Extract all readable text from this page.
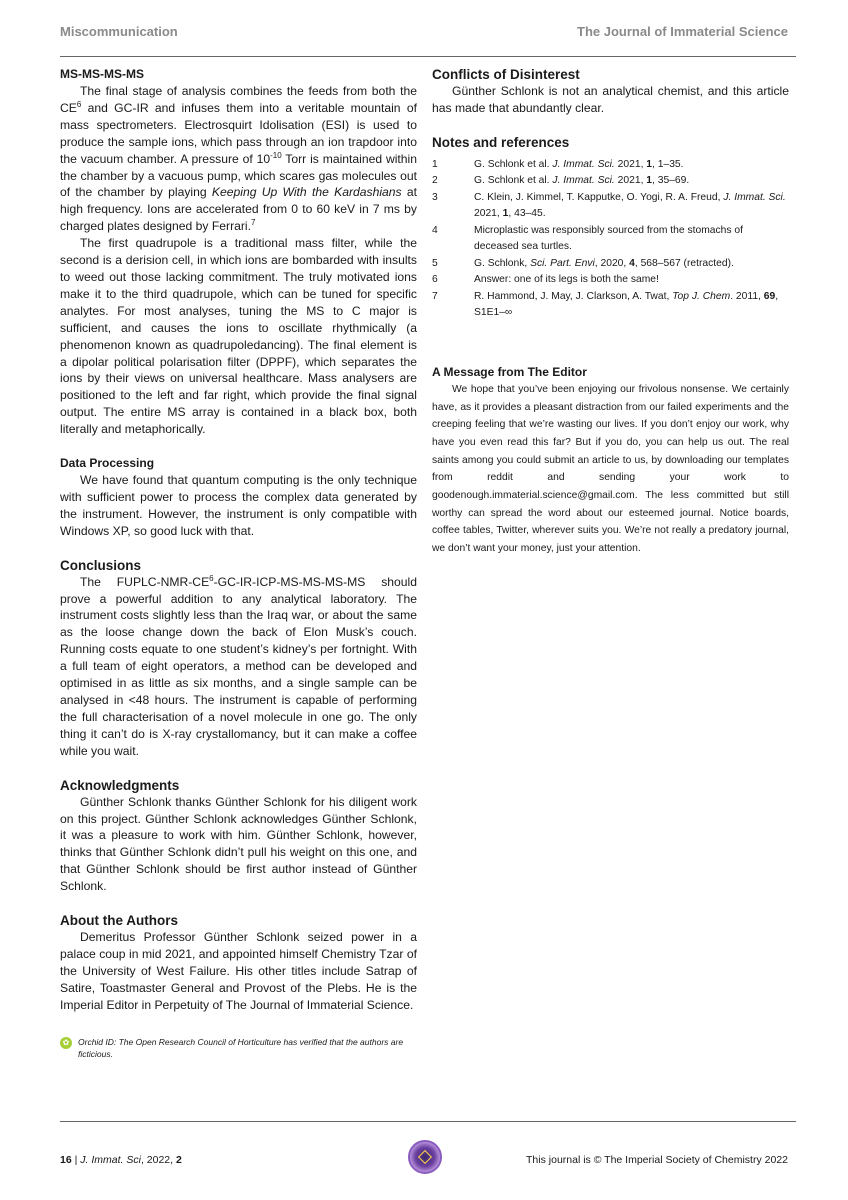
Miscommunication	The Journal of Immaterial Science
MS-MS-MS-MS

The final stage of analysis combines the feeds from both the $CE^6$ and GC-IR and infuses them into a veritable mountain of mass spectrometers. Electrosquirt Idolisation (ESI) is used to produce the sample ions, which pass through an ion trapdoor into the vacuum chamber. A pressure of $10^{-10}$ Torr is maintained within the chamber by a vacuous pump, which scares gas molecules out of the chamber by playing Keeping Up With the Kardashians at high frequency. Ions are accelerated from 0 to 60 keV in 7 ms by charged plates designed by Ferrari.$^7$

The first quadrupole is a traditional mass filter, while the second is a derision cell, in which ions are bombarded with insults to weed out those lacking commitment. The truly motivated ions make it to the third quadrupole, which can be tuned for specific analytes. For most analyses, tuning the MS to C major is sufficient, and causes the ions to oscillate rhythmically (a phenomenon known as quadrupoledancing). The final element is a dipolar political polarisation filter (DPPF), which separates the ions by their views on universal healthcare. Mass analysers are positioned to the left and far right, which provide the final signal output. The entire MS array is contained in a black box, both literally and metaphorically.

Data Processing

We have found that quantum computing is the only technique with sufficient power to process the complex data generated by the instrument. However, the instrument is only compatible with Windows XP, so good luck with that.

Conclusions

The FUPLC-$NMR-CE^6-GC-IR-ICP-MS-MS-MS-MS$ should prove a powerful addition to any analytical laboratory. The instrument costs slightly less than the Iraq war, or about the same as the loose change down the back of Elon Musk’s couch. Running costs equate to one student’s kidney’s per fortnight. With a full team of eight operators, a method can be developed and optimised in as little as six months, and a single sample can be analysed in <48 hours. The instrument is capable of performing the full characterisation of a novel molecule in one go. The only thing it can’t do is X-ray crystallomancy, but it can make a coffee while you wait.

Acknowledgments

Günther Schlonk thanks Günther Schlonk for his diligent work on this project. Günther Schlonk acknowledges Günther Schlonk, it was a pleasure to work with him. Günther Schlonk, however, thinks that Günther Schlonk didn’t pull his weight on this one, and that Günther Schlonk should be first author instead of Günther Schlonk.

About the Authors

Demeritus Professor Günther Schlonk seized power in a palace coup in mid 2021, and appointed himself Chemistry Tzar of the University of West Failure. His other titles include Satrap of Satire, Toastmaster General and Provost of the Plebs. He is the Imperial Editor in Perpetuity of The Journal of Immaterial Science.

✿	Orchid ID: The Open Research Council of Horticulture has verified that the authors are ficticious.
Conflicts of Disinterest

Günther Schlonk is not an analytical chemist, and this article has made that abundantly clear.

Notes and references
1	G. Schlonk et al. J. Immat. Sci. 2021, 1, 1–35.
2	G. Schlonk et al. J. Immat. Sci. 2021, 1, 35–69.
3	C. Klein, J. Kimmel, T. Kapputke, O. Yogi, R. A. Freud, J. Immat. Sci. 2021, 1, 43–45.
4	Microplastic was responsibly sourced from the stomachs of deceased sea turtles.
5	G. Schlonk, Sci. Part. Envi, 2020, 4, 568–567 (retracted).
6	Answer: one of its legs is both the same!
7	R. Hammond, J. May, J. Clarkson, A. Twat, Top J. Chem. 2011, 69, S1E1–∞
A Message from The Editor

We hope that you’ve been enjoying our frivolous nonsense. We certainly have, as it provides a pleasant distraction from our failed experiments and the creeping feeling that we’re wasting our lives. If you don’t enjoy our work, why have you even read this far? But if you do, you can help us out. The real saints among you could submit an article to us, by downloading our templates from reddit and sending your work to goodenough.immaterial.science@gmail.com. The less committed but still worthy can spread the word about our esteemed journal. Notice boards, coffee tables, Twitter, wherever suits you. We’re not really a predatory journal, we don’t want your money, just your attention.

16 | J. Immat. Sci, 2022, 2	This journal is © The Imperial Society of Chemistry 2022
